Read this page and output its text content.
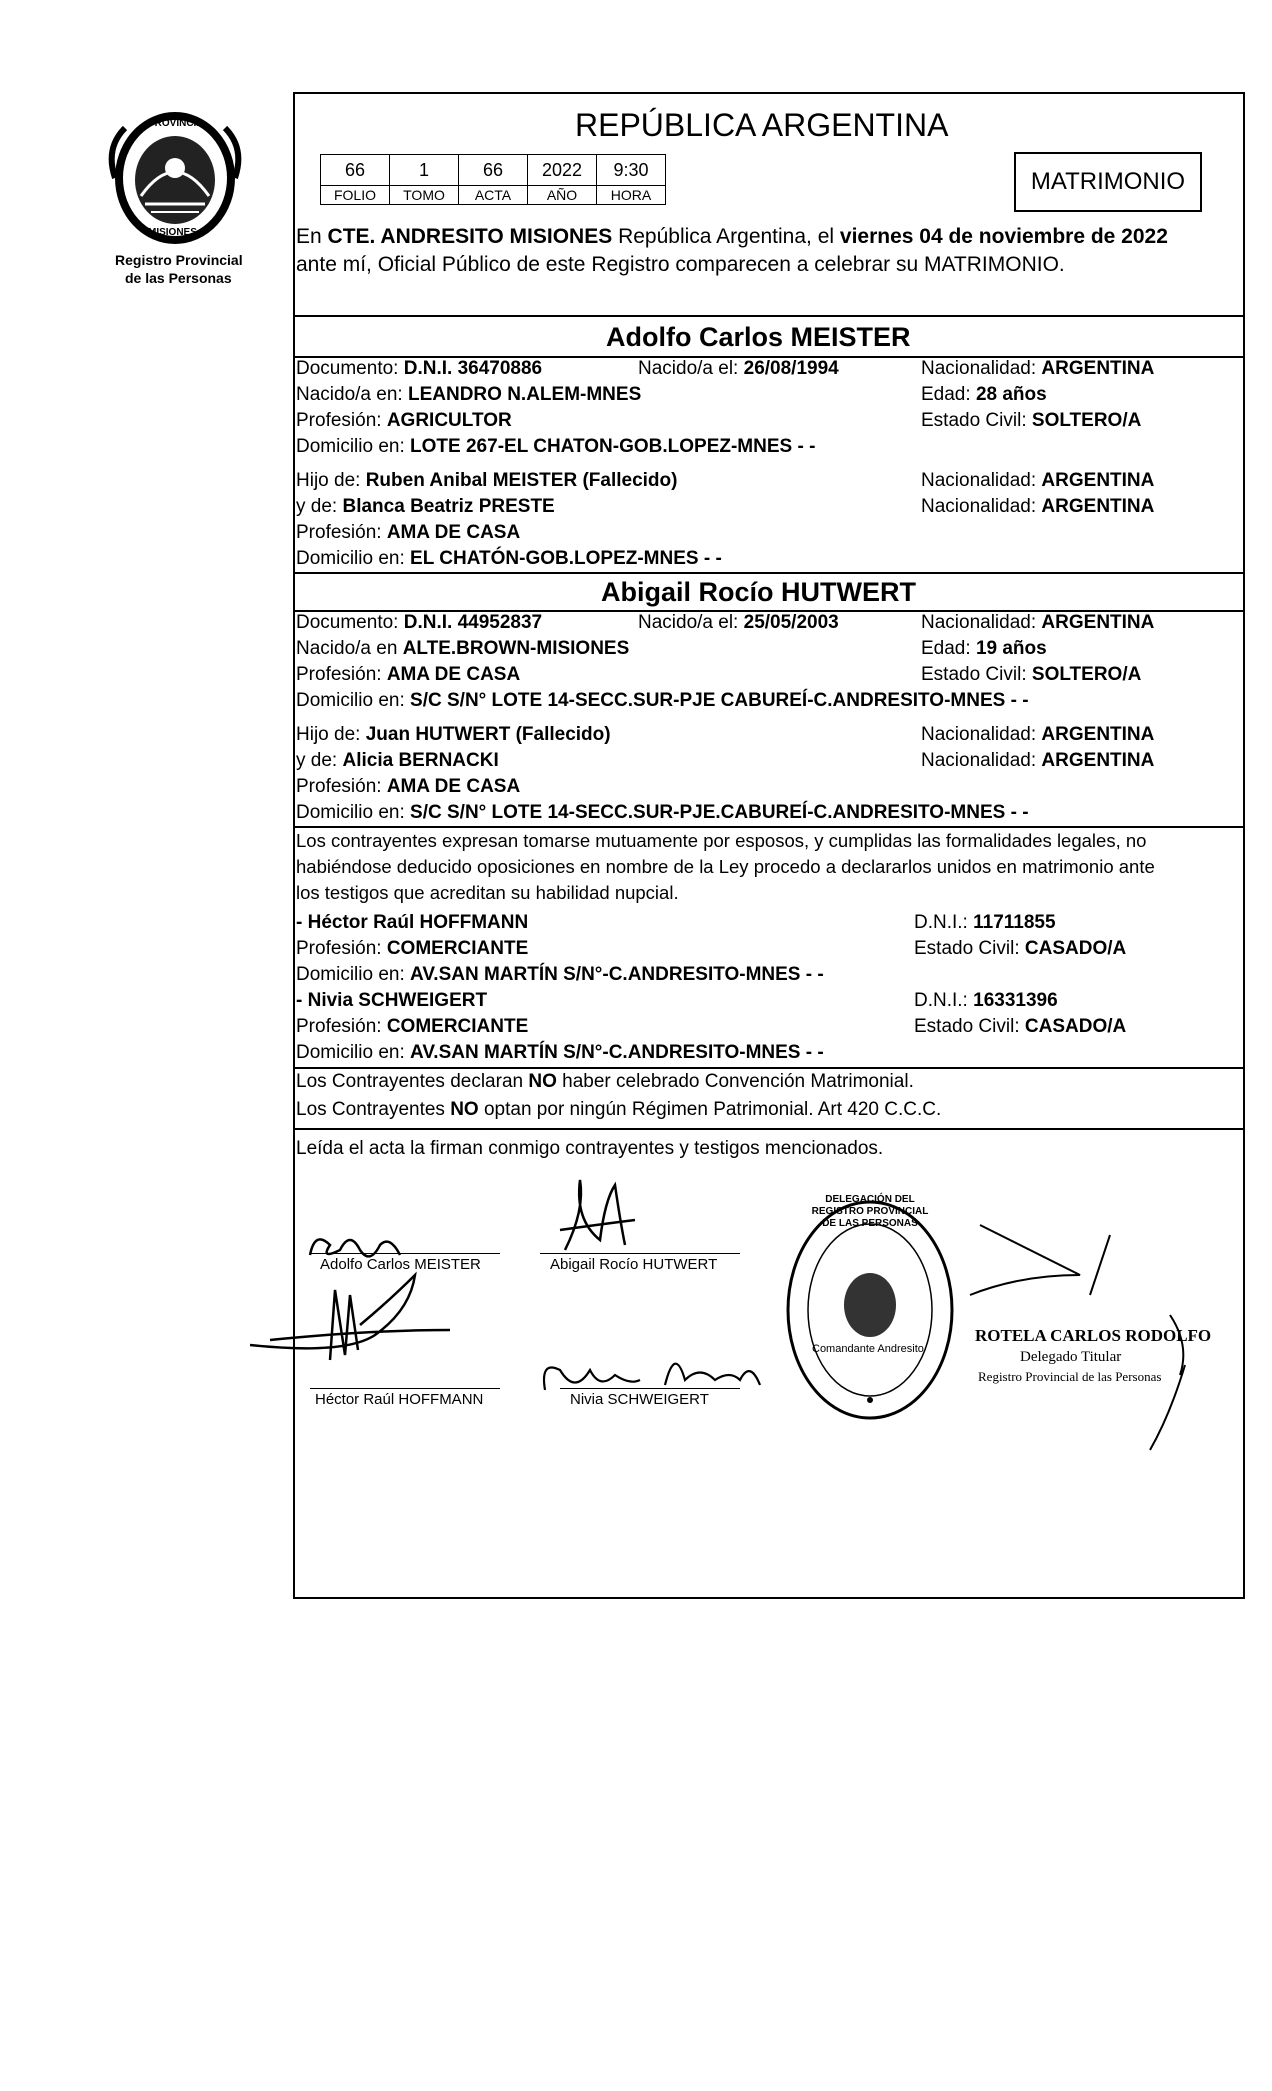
PROVINCIA
MISIONES
Registro Provincial
de las Personas
REPÚBLICA ARGENTINA
66	1	66	2022	9:30
FOLIO	TOMO	ACTA	AÑO	HORA	MATRIMONIO
En CTE. ANDRESITO MISIONES República Argentina, el viernes 04 de noviembre de 2022
ante mí, Oficial Público de este Registro comparecen a celebrar su MATRIMONIO.
Adolfo Carlos MEISTER
Documento: D.N.I. 36470886	Nacido/a el: 26/08/1994	Nacionalidad: ARGENTINA
Nacido/a en: LEANDRO N.ALEM-MNES	Edad: 28 años
Profesión: AGRICULTOR	Estado Civil: SOLTERO/A
Domicilio en: LOTE 267-EL CHATON-GOB.LOPEZ-MNES - -
Hijo de: Ruben Anibal MEISTER (Fallecido)	Nacionalidad: ARGENTINA
y de: Blanca Beatriz PRESTE	Nacionalidad: ARGENTINA
Profesión: AMA DE CASA
Domicilio en: EL CHATÓN-GOB.LOPEZ-MNES - -
Abigail Rocío HUTWERT
Documento: D.N.I. 44952837	Nacido/a el: 25/05/2003	Nacionalidad: ARGENTINA
Nacido/a en ALTE.BROWN-MISIONES	Edad: 19 años
Profesión: AMA DE CASA	Estado Civil: SOLTERO/A
Domicilio en: S/C S/N° LOTE 14-SECC.SUR-PJE CABUREÍ-C.ANDRESITO-MNES - -
Hijo de: Juan HUTWERT (Fallecido)	Nacionalidad: ARGENTINA
y de: Alicia BERNACKI	Nacionalidad: ARGENTINA
Profesión: AMA DE CASA
Domicilio en: S/C S/N° LOTE 14-SECC.SUR-PJE.CABUREÍ-C.ANDRESITO-MNES - -
Los contrayentes expresan tomarse mutuamente por esposos, y cumplidas las formalidades legales, no
habiéndose deducido oposiciones en nombre de la Ley procedo a declararlos unidos en matrimonio ante
los testigos que acreditan su habilidad nupcial.
- Héctor Raúl HOFFMANN	D.N.I.: 11711855
Profesión: COMERCIANTE	Estado Civil: CASADO/A
Domicilio en: AV.SAN MARTÍN S/N°-C.ANDRESITO-MNES - -
- Nivia SCHWEIGERT	D.N.I.: 16331396
Profesión: COMERCIANTE	Estado Civil: CASADO/A
Domicilio en: AV.SAN MARTÍN S/N°-C.ANDRESITO-MNES - -
Los Contrayentes declaran NO haber celebrado Convención Matrimonial.
Los Contrayentes NO optan por ningún Régimen Patrimonial. Art 420 C.C.C.
Leída el acta la firman conmigo contrayentes y testigos mencionados.
Adolfo Carlos MEISTER	Abigail Rocío HUTWERT
Héctor Raúl HOFFMANN	Nivia SCHWEIGERT
DELEGACIÓN DEL REGISTRO PROVINCIAL DE LAS PERSONAS
Comandante Andresito
ROTELA CARLOS RODOLFO
Delegado Titular
Registro Provincial de las Personas
